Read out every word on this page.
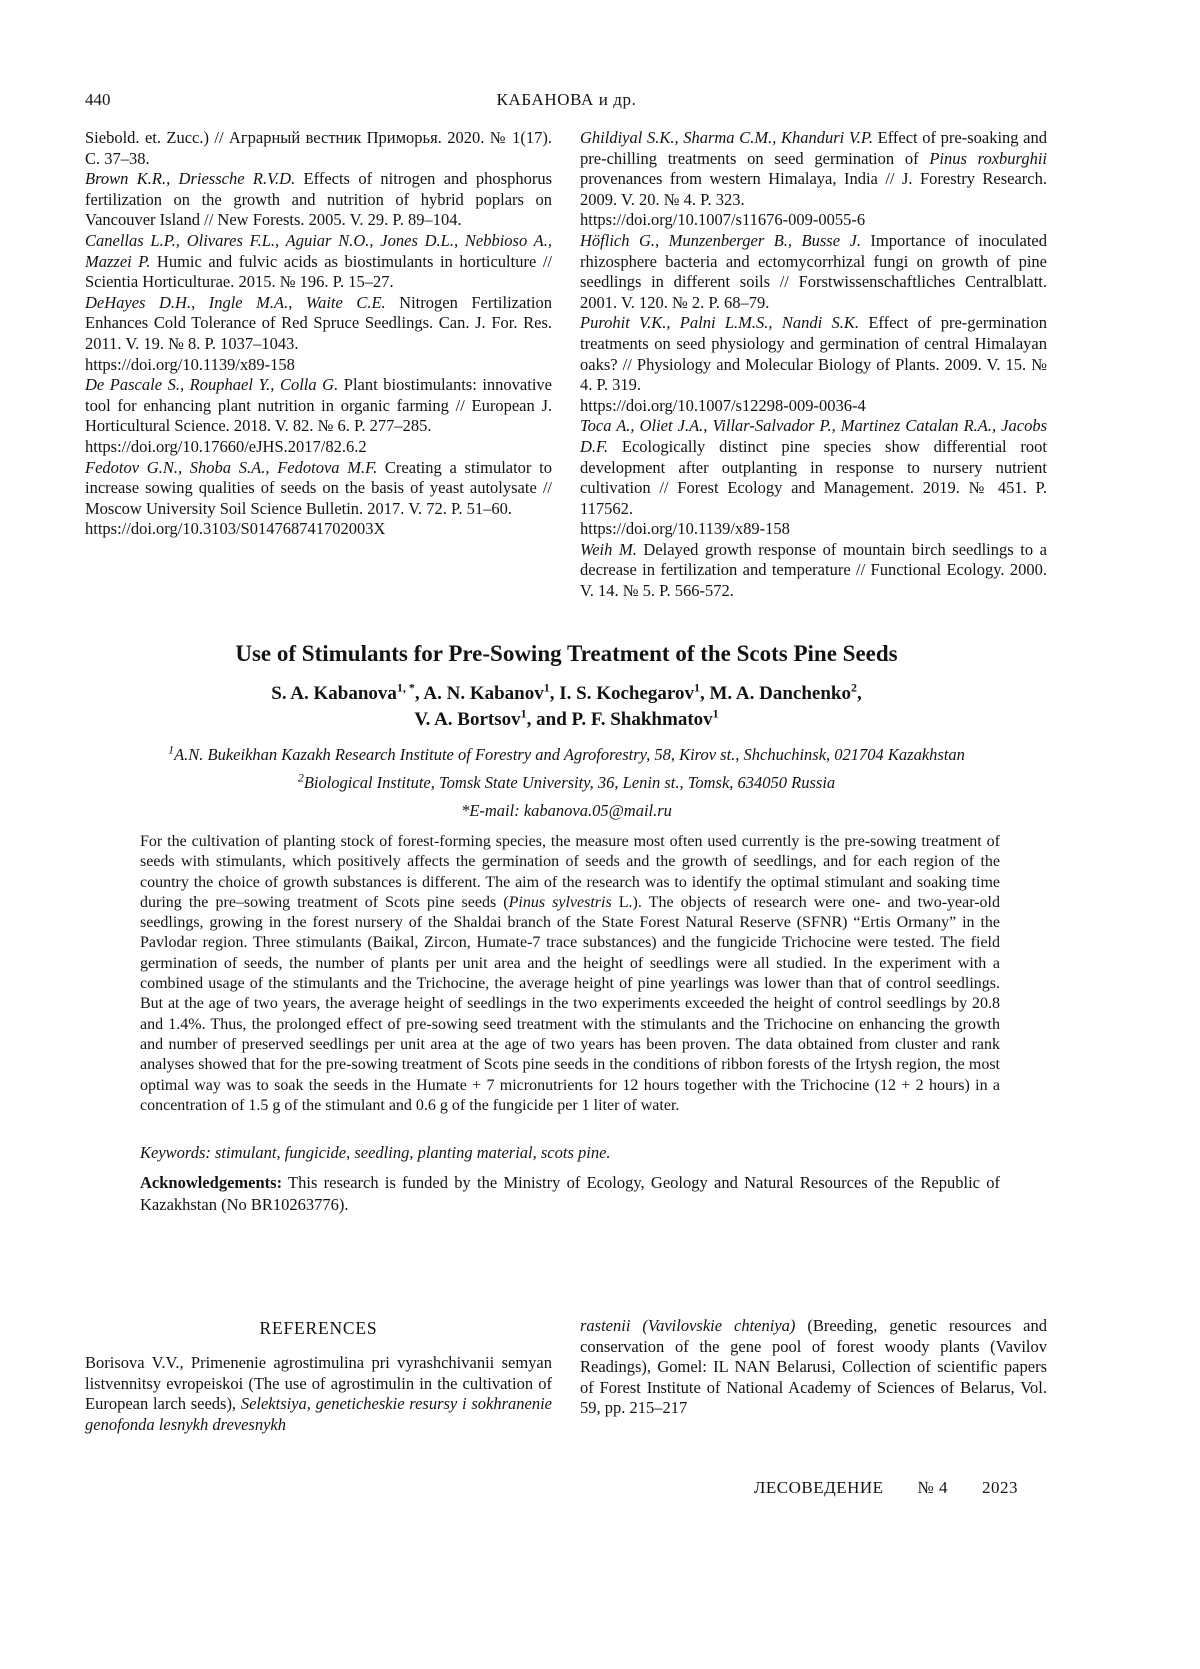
440	КАБАНОВА и др.

Siebold. et. Zucc.) // Аграрный вестник Приморья. 2020. № 1(17). С. 37–38.

Brown K.R., Driessche R.V.D. Effects of nitrogen and phosphorus fertilization on the growth and nutrition of hybrid poplars on Vancouver Island // New Forests. 2005. V. 29. P. 89–104.

Canellas L.P., Olivares F.L., Aguiar N.O., Jones D.L., Nebbioso A., Mazzei P. Humic and fulvic acids as biostimulants in horticulture // Scientia Horticulturae. 2015. № 196. P. 15–27.

DeHayes D.H., Ingle M.A., Waite C.E. Nitrogen Fertilization Enhances Cold Tolerance of Red Spruce Seedlings. Can. J. For. Res. 2011. V. 19. № 8. P. 1037–1043.
https://doi.org/10.1139/x89-158

De Pascale S., Rouphael Y., Colla G. Plant biostimulants: innovative tool for enhancing plant nutrition in organic farming // European J. Horticultural Science. 2018. V. 82. № 6. P. 277–285.
https://doi.org/10.17660/eJHS.2017/82.6.2

Fedotov G.N., Shoba S.A., Fedotova M.F. Creating a stimulator to increase sowing qualities of seeds on the basis of yeast autolysate // Moscow University Soil Science Bulletin. 2017. V. 72. P. 51–60.
https://doi.org/10.3103/S014768741702003X

Ghildiyal S.K., Sharma C.M., Khanduri V.P. Effect of pre-soaking and pre-chilling treatments on seed germination of Pinus roxburghii provenances from western Himalaya, India // J. Forestry Research. 2009. V. 20. № 4. P. 323.
https://doi.org/10.1007/s11676-009-0055-6

Höflich G., Munzenberger B., Busse J. Importance of inoculated rhizosphere bacteria and ectomycorrhizal fungi on growth of pine seedlings in different soils // Forstwissenschaftliches Centralblatt. 2001. V. 120. № 2. P. 68–79.

Purohit V.K., Palni L.M.S., Nandi S.K. Effect of pre-germination treatments on seed physiology and germination of central Himalayan oaks? // Physiology and Molecular Biology of Plants. 2009. V. 15. № 4. P. 319.
https://doi.org/10.1007/s12298-009-0036-4

Toca A., Oliet J.A., Villar-Salvador P., Martinez Catalan R.A., Jacobs D.F. Ecologically distinct pine species show differential root development after outplanting in response to nursery nutrient cultivation // Forest Ecology and Management. 2019. № 451. P. 117562.
https://doi.org/10.1139/x89-158

Weih M. Delayed growth response of mountain birch seedlings to a decrease in fertilization and temperature // Functional Ecology. 2000. V. 14. № 5. P. 566-572.

Use of Stimulants for Pre-Sowing Treatment of the Scots Pine Seeds

S. A. Kabanova$^{1, *}$, A. N. Kabanov$^1$, I. S. Kochegarov$^1$, M. A. Danchenko$^2$,

V. A. Bortsov$^1$, and P. F. Shakhmatov$^1$

$^1$A.N. Bukeikhan Kazakh Research Institute of Forestry and Agroforestry, 58, Kirov st., Shchuchinsk, 021704 Kazakhstan

$^2$Biological Institute, Tomsk State University, 36, Lenin st., Tomsk, 634050 Russia

*E-mail: kabanova.05@mail.ru

For the cultivation of planting stock of forest-forming species, the measure most often used currently is the pre-sowing treatment of seeds with stimulants, which positively affects the germination of seeds and the growth of seedlings, and for each region of the country the choice of growth substances is different. The aim of the research was to identify the optimal stimulant and soaking time during the pre–sowing treatment of Scots pine seeds (Pinus sylvestris L.). The objects of research were one- and two-year-old seedlings, growing in the forest nursery of the Shaldai branch of the State Forest Natural Reserve (SFNR) “Ertis Ormany” in the Pavlodar region. Three stimulants (Baikal, Zircon, Humate-7 trace substances) and the fungicide Trichocine were tested. The field germination of seeds, the number of plants per unit area and the height of seedlings were all studied. In the experiment with a combined usage of the stimulants and the Trichocine, the average height of pine yearlings was lower than that of control seedlings. But at the age of two years, the average height of seedlings in the two experiments exceeded the height of control seedlings by 20.8 and 1.4%. Thus, the prolonged effect of pre-sowing seed treatment with the stimulants and the Trichocine on enhancing the growth and number of preserved seedlings per unit area at the age of two years has been proven. The data obtained from cluster and rank analyses showed that for the pre-sowing treatment of Scots pine seeds in the conditions of ribbon forests of the Irtysh region, the most optimal way was to soak the seeds in the Humate + 7 micronutrients for 12 hours together with the Trichocine (12 + 2 hours) in a concentration of 1.5 g of the stimulant and 0.6 g of the fungicide per 1 liter of water.

Keywords: stimulant, fungicide, seedling, planting material, scots pine.

Acknowledgements: This research is funded by the Ministry of Ecology, Geology and Natural Resources of the Republic of Kazakhstan (No BR10263776).

REFERENCES

Borisova V.V., Primenenie agrostimulina pri vyrashchivanii semyan listvennitsy evropeiskoi (The use of agrostimulin in the cultivation of European larch seeds), Selektsiya, geneticheskie resursy i sokhranenie genofonda lesnykh drevesnykh

rastenii (Vavilovskie chteniya) (Breeding, genetic resources and conservation of the gene pool of forest woody plants (Vavilov Readings), Gomel: IL NAN Belarusi, Collection of scientific papers of Forest Institute of National Academy of Sciences of Belarus, Vol. 59, pp. 215–217

ЛЕСОВЕДЕНИЕ № 4 2023
